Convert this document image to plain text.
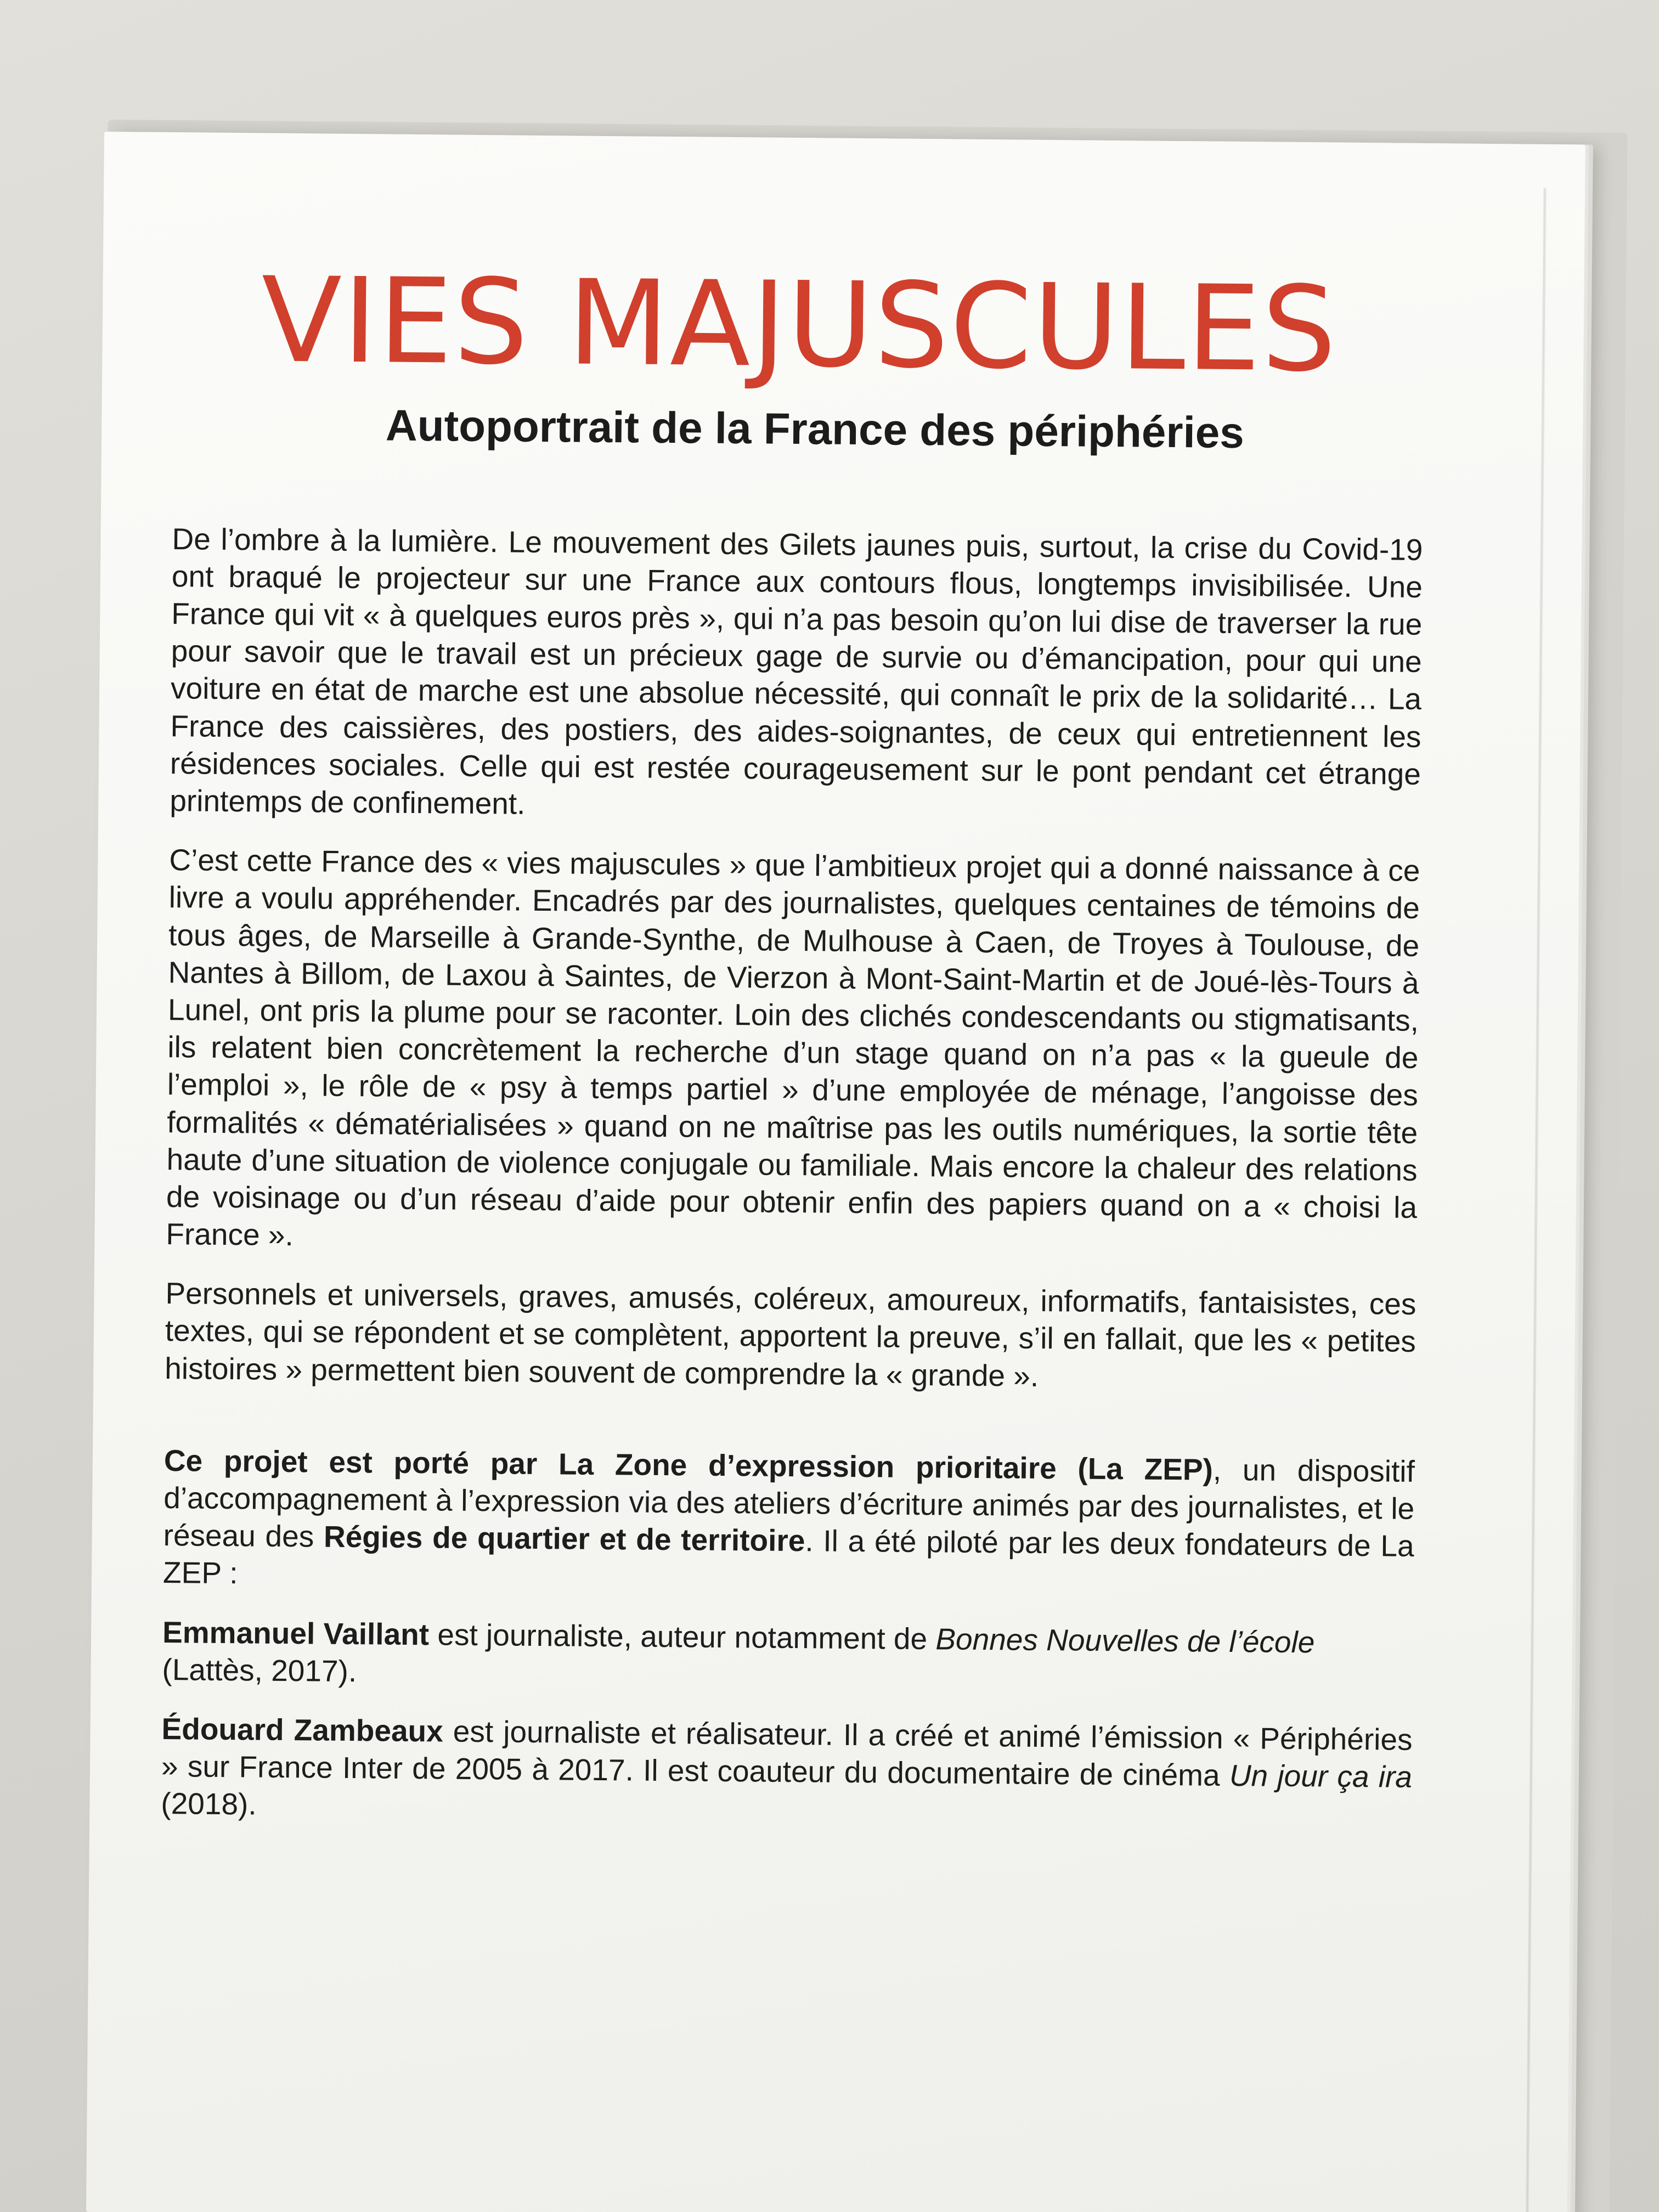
VIES MAJUSCULES
Autoportrait de la France des périphéries

De l’ombre à la lumière. Le mouvement des Gilets jaunes puis, surtout, la crise du Covid-19 ont braqué le projecteur sur une France aux contours flous, longtemps invisibilisée. Une France qui vit « à quelques euros près », qui n’a pas besoin qu’on lui dise de traverser la rue pour savoir que le travail est un précieux gage de survie ou d’émancipation, pour qui une voiture en état de marche est une absolue nécessité, qui connaît le prix de la solidarité… La France des caissières, des postiers, des aides-soignantes, de ceux qui entretiennent les résidences sociales. Celle qui est restée courageusement sur le pont pendant cet étrange printemps de confinement.

C’est cette France des « vies majuscules » que l’ambitieux projet qui a donné naissance à ce livre a voulu appréhender. Encadrés par des journalistes, quelques centaines de témoins de tous âges, de Marseille à Grande-Synthe, de Mulhouse à Caen, de Troyes à Toulouse, de Nantes à Billom, de Laxou à Saintes, de Vierzon à Mont-Saint-Martin et de Joué-lès-Tours à Lunel, ont pris la plume pour se raconter. Loin des clichés condescendants ou stigmatisants, ils relatent bien concrètement la recherche d’un stage quand on n’a pas « la gueule de l’emploi », le rôle de « psy à temps partiel » d’une employée de ménage, l’angoisse des formalités « dématérialisées » quand on ne maîtrise pas les outils numériques, la sortie tête haute d’une situation de violence conjugale ou familiale. Mais encore la chaleur des relations de voisinage ou d’un réseau d’aide pour obtenir enfin des papiers quand on a « choisi la France ».

Personnels et universels, graves, amusés, coléreux, amoureux, informatifs, fantaisistes, ces textes, qui se répondent et se complètent, apportent la preuve, s’il en fallait, que les « petites histoires » permettent bien souvent de comprendre la « grande ».

Ce projet est porté par La Zone d’expression prioritaire (La ZEP), un dispositif d’accompagnement à l’expression via des ateliers d’écriture animés par des journalistes, et le réseau des Régies de quartier et de territoire. Il a été piloté par les deux fondateurs de La ZEP :

Emmanuel Vaillant est journaliste, auteur notamment de Bonnes Nouvelles de l’école (Lattès, 2017).

Édouard Zambeaux est journaliste et réalisateur. Il a créé et animé l’émission « Périphéries » sur France Inter de 2005 à 2017. Il est coauteur du documentaire de cinéma Un jour ça ira (2018).
